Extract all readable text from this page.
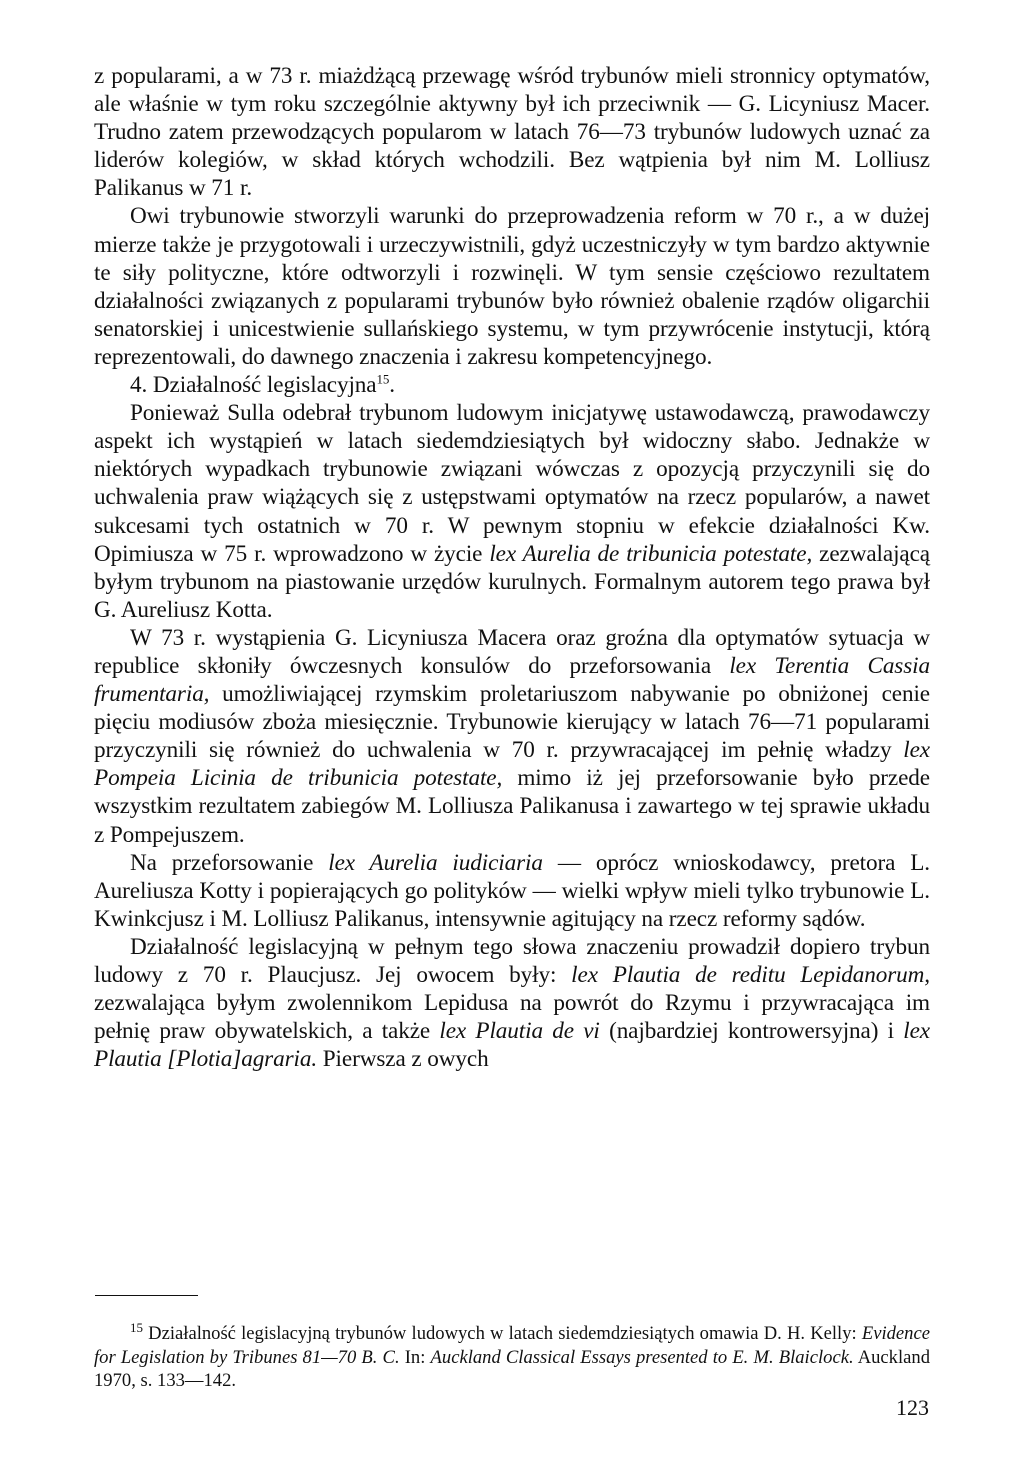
z popularami, a w 73 r. miażdżącą przewagę wśród trybunów mieli stronnicy optymatów, ale właśnie w tym roku szczególnie aktywny był ich przeciwnik — G. Licyniusz Macer. Trudno zatem przewodzących popularom w latach 76—73 trybunów ludowych uznać za liderów kolegiów, w skład których wchodzili. Bez wątpienia był nim M. Lolliusz Palikanus w 71 r.

Owi trybunowie stworzyli warunki do przeprowadzenia reform w 70 r., a w dużej mierze także je przygotowali i urzeczywistnili, gdyż uczestniczyły w tym bardzo aktywnie te siły polityczne, które odtworzyli i rozwinęli. W tym sensie częściowo rezultatem działalności związanych z popularami trybunów było również obalenie rządów oligarchii senatorskiej i unicestwienie sullańskiego systemu, w tym przywrócenie instytucji, którą reprezentowali, do dawnego znaczenia i zakresu kompetencyjnego.

4. Działalność legislacyjna$^{15}$.

Ponieważ Sulla odebrał trybunom ludowym inicjatywę ustawodawczą, prawodawczy aspekt ich wystąpień w latach siedemdziesiątych był widoczny słabo. Jednakże w niektórych wypadkach trybunowie związani wówczas z opozycją przyczynili się do uchwalenia praw wiążących się z ustępstwami optymatów na rzecz popularów, a nawet sukcesami tych ostatnich w 70 r. W pewnym stopniu w efekcie działalności Kw. Opimiusza w 75 r. wprowadzono w życie lex Aurelia de tribunicia potestate, zezwalającą byłym trybunom na piastowanie urzędów kurulnych. Formalnym autorem tego prawa był G. Aureliusz Kotta.

W 73 r. wystąpienia G. Licyniusza Macera oraz groźna dla optymatów sytuacja w republice skłoniły ówczesnych konsulów do przeforsowania lex Terentia Cassia frumentaria, umożliwiającej rzymskim proletariuszom nabywanie po obniżonej cenie pięciu modiusów zboża miesięcznie. Trybunowie kierujący w latach 76—71 popularami przyczynili się również do uchwalenia w 70 r. przywracającej im pełnię władzy lex Pompeia Licinia de tribunicia potestate, mimo iż jej przeforsowanie było przede wszystkim rezultatem zabiegów M. Lolliusza Palikanusa i zawartego w tej sprawie układu z Pompejuszem.

Na przeforsowanie lex Aurelia iudiciaria — oprócz wnioskodawcy, pretora L. Aureliusza Kotty i popierających go polityków — wielki wpływ mieli tylko trybunowie L. Kwinkcjusz i M. Lolliusz Palikanus, intensywnie agitujący na rzecz reformy sądów.

Działalność legislacyjną w pełnym tego słowa znaczeniu prowadził dopiero trybun ludowy z 70 r. Plaucjusz. Jej owocem były: lex Plautia de reditu Lepidanorum, zezwalająca byłym zwolennikom Lepidusa na powrót do Rzymu i przywracająca im pełnię praw obywatelskich, a także lex Plautia de vi (najbardziej kontrowersyjna) i lex Plautia [Plotia]agraria. Pierwsza z owych

$^{15}$ Działalność legislacyjną trybunów ludowych w latach siedemdziesiątych omawia D. H. Kelly: Evidence for Legislation by Tribunes 81—70 B. C. In: Auckland Classical Essays presented to E. M. Blaiclock. Auckland 1970, s. 133—142.

123
